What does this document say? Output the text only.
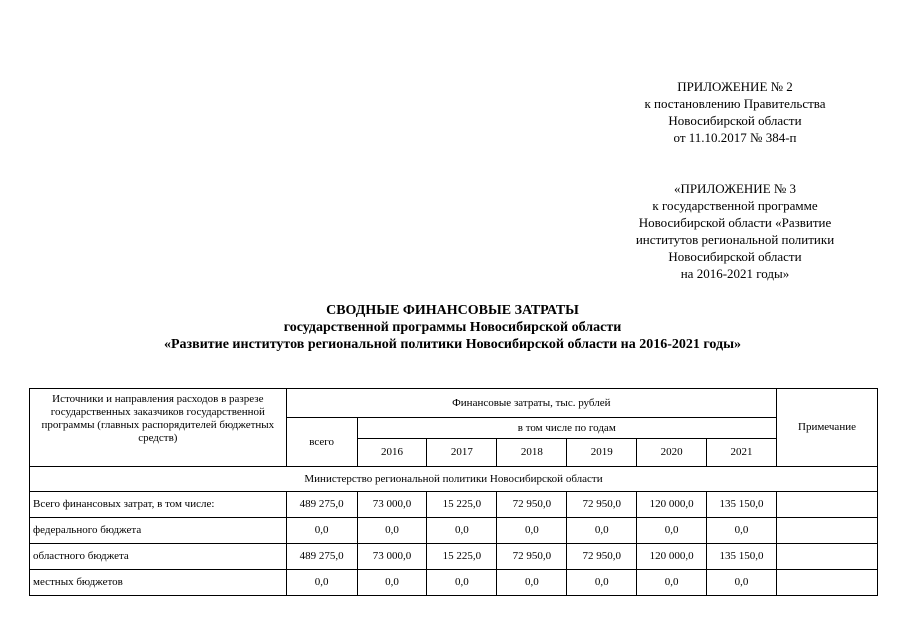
ПРИЛОЖЕНИЕ № 2
к постановлению Правительства
Новосибирской области
от 11.10.2017 № 384-п
«ПРИЛОЖЕНИЕ № 3
к государственной программе
Новосибирской области «Развитие
институтов региональной политики
Новосибирской области
на 2016-2021 годы»
СВОДНЫЕ ФИНАНСОВЫЕ ЗАТРАТЫ
государственной программы Новосибирской области
«Развитие институтов региональной политики Новосибирской области на 2016-2021 годы»
Источники и направления расходов в разрезе государственных заказчиков государственной программы (главных распорядителей бюджетных средств)	Финансовые затраты, тыс. рублей							Примечание
	всего	в том числе по годам						
		2016	2017	2018	2019	2020	2021	
Министерство региональной политики Новосибирской области								
Всего финансовых затрат, в том числе:	489 275,0	73 000,0	15 225,0	72 950,0	72 950,0	120 000,0	135 150,0	
федерального бюджета	0,0	0,0	0,0	0,0	0,0	0,0	0,0	
областного бюджета	489 275,0	73 000,0	15 225,0	72 950,0	72 950,0	120 000,0	135 150,0	
местных бюджетов	0,0	0,0	0,0	0,0	0,0	0,0	0,0	
